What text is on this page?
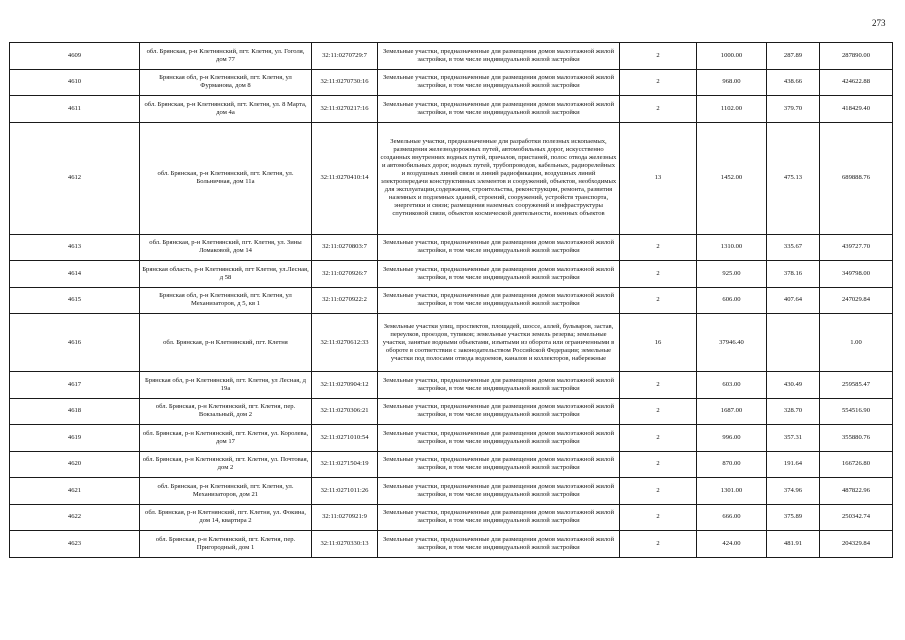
273
4609	обл. Брянская, р-н Клетнянский, пгт. Клетня, ул. Гоголя, дом 77	32:11:0270729:7	Земельные участки, предназначенные для размещения домов малоэтажной жилой застройки, в том числе индивидуальной жилой застройки	2	1000.00	287.89	287890.00
4610	Брянская обл, р-н Клетнянский, пгт. Клетня, ул Фурманова, дом 8	32:11:0270730:16	Земельные участки, предназначенные для размещения домов малоэтажной жилой застройки, в том числе индивидуальной жилой застройки	2	968.00	438.66	424622.88
4611	обл. Брянская, р-н Клетнянский, пгт. Клетня, ул. 8 Марта, дом 4а	32:11:0270217:16	Земельные участки, предназначенные для размещения домов малоэтажной жилой застройки, в том числе индивидуальной жилой застройки	2	1102.00	379.70	418429.40
4612	обл. Брянская, р-н Клетнянский, пгт. Клетня, ул. Больничная, дом 11а	32:11:0270410:14	Земельные участки, предназначенные для разработки полезных ископаемых, размещения железнодорожных путей, автомобильных дорог, искусственно созданных внутренних водных путей, причалов, пристаней, полос отвода железных и автомобильных дорог, водных путей, трубопроводов, кабельных, радиорелейных и воздушных линий связи и линий радиофикации, воздушных линий электропередачи конструктивных элементов и сооружений, объектов, необходимых для эксплуатации,содержания, строительства, реконструкции, ремонта, развития наземных и подземных зданий, строений, сооружений, устройств транспорта, энергетики и связи; размещения наземных сооружений и инфраструктуры спутниковой связи, объектов космической деятельности, военных объектов	13	1452.00	475.13	689888.76
4613	обл. Брянская, р-н Клетнянский, пгт. Клетня, ул. Зины Ломаковой, дом 14	32:11:0270803:7	Земельные участки, предназначенные для размещения домов малоэтажной жилой застройки, в том числе индивидуальной жилой застройки	2	1310.00	335.67	439727.70
4614	Брянская область, р-н Клетнянский, пгт Клетня, ул.Лесная, д 58	32:11:0270926:7	Земельные участки, предназначенные для размещения домов малоэтажной жилой застройки, в том числе индивидуальной жилой застройки	2	925.00	378.16	349798.00
4615	Брянская обл, р-н Клетнянский, пгт. Клетня, ул Механизаторов, д 5, кв 1	32:11:0270922:2	Земельные участки, предназначенные для размещения домов малоэтажной жилой застройки, в том числе индивидуальной жилой застройки	2	606.00	407.64	247029.84
4616	обл. Брянская, р-н Клетнянский, пгт. Клетня	32:11:0270612:33	Земельные участки улиц, проспектов, площадей, шоссе, аллей, бульваров, застав, переулков, проездов, тупиков; земельные участки земель резерва; земельные участки, занятые водными объектами, изъятыми из оборота или ограниченными в обороте в соответствии с законодательством Российской Федерации; земельные участки под полосами отвода водоемов, каналов и коллекторов, набережные	16	37946.40		1.00
4617	Брянская обл, р-н Клетнянский, пгт. Клетня, ул Лесная, д 19а	32:11:0270904:12	Земельные участки, предназначенные для размещения домов малоэтажной жилой застройки, в том числе индивидуальной жилой застройки	2	603.00	430.49	259585.47
4618	обл. Брянская, р-н Клетнянский, пгт. Клетня, пер. Вокзальный, дом 2	32:11:0270306:21	Земельные участки, предназначенные для размещения домов малоэтажной жилой застройки, в том числе индивидуальной жилой застройки	2	1687.00	328.70	554516.90
4619	обл. Брянская, р-н Клетнянский, пгт. Клетня, ул. Королева, дом 17	32:11:0271010:54	Земельные участки, предназначенные для размещения домов малоэтажной жилой застройки, в том числе индивидуальной жилой застройки	2	996.00	357.31	355880.76
4620	обл. Брянская, р-н Клетнянский, пгт. Клетня, ул. Почтовая, дом 2	32:11:0271504:19	Земельные участки, предназначенные для размещения домов малоэтажной жилой застройки, в том числе индивидуальной жилой застройки	2	870.00	191.64	166726.80
4621	обл. Брянская, р-н Клетнянский, пгт. Клетня, ул. Механизаторов, дом 21	32:11:0271011:26	Земельные участки, предназначенные для размещения домов малоэтажной жилой застройки, в том числе индивидуальной жилой застройки	2	1301.00	374.96	487822.96
4622	обл. Брянская, р-н Клетнянский, пгт. Клетня, ул. Фокина, дом 14, квартира 2	32:11:0270921:9	Земельные участки, предназначенные для размещения домов малоэтажной жилой застройки, в том числе индивидуальной жилой застройки	2	666.00	375.89	250342.74
4623	обл. Брянская, р-н Клетнянский, пгт. Клетня, пер. Пригородный, дом 1	32:11:0270330:13	Земельные участки, предназначенные для размещения домов малоэтажной жилой застройки, в том числе индивидуальной жилой застройки	2	424.00	481.91	204329.84
